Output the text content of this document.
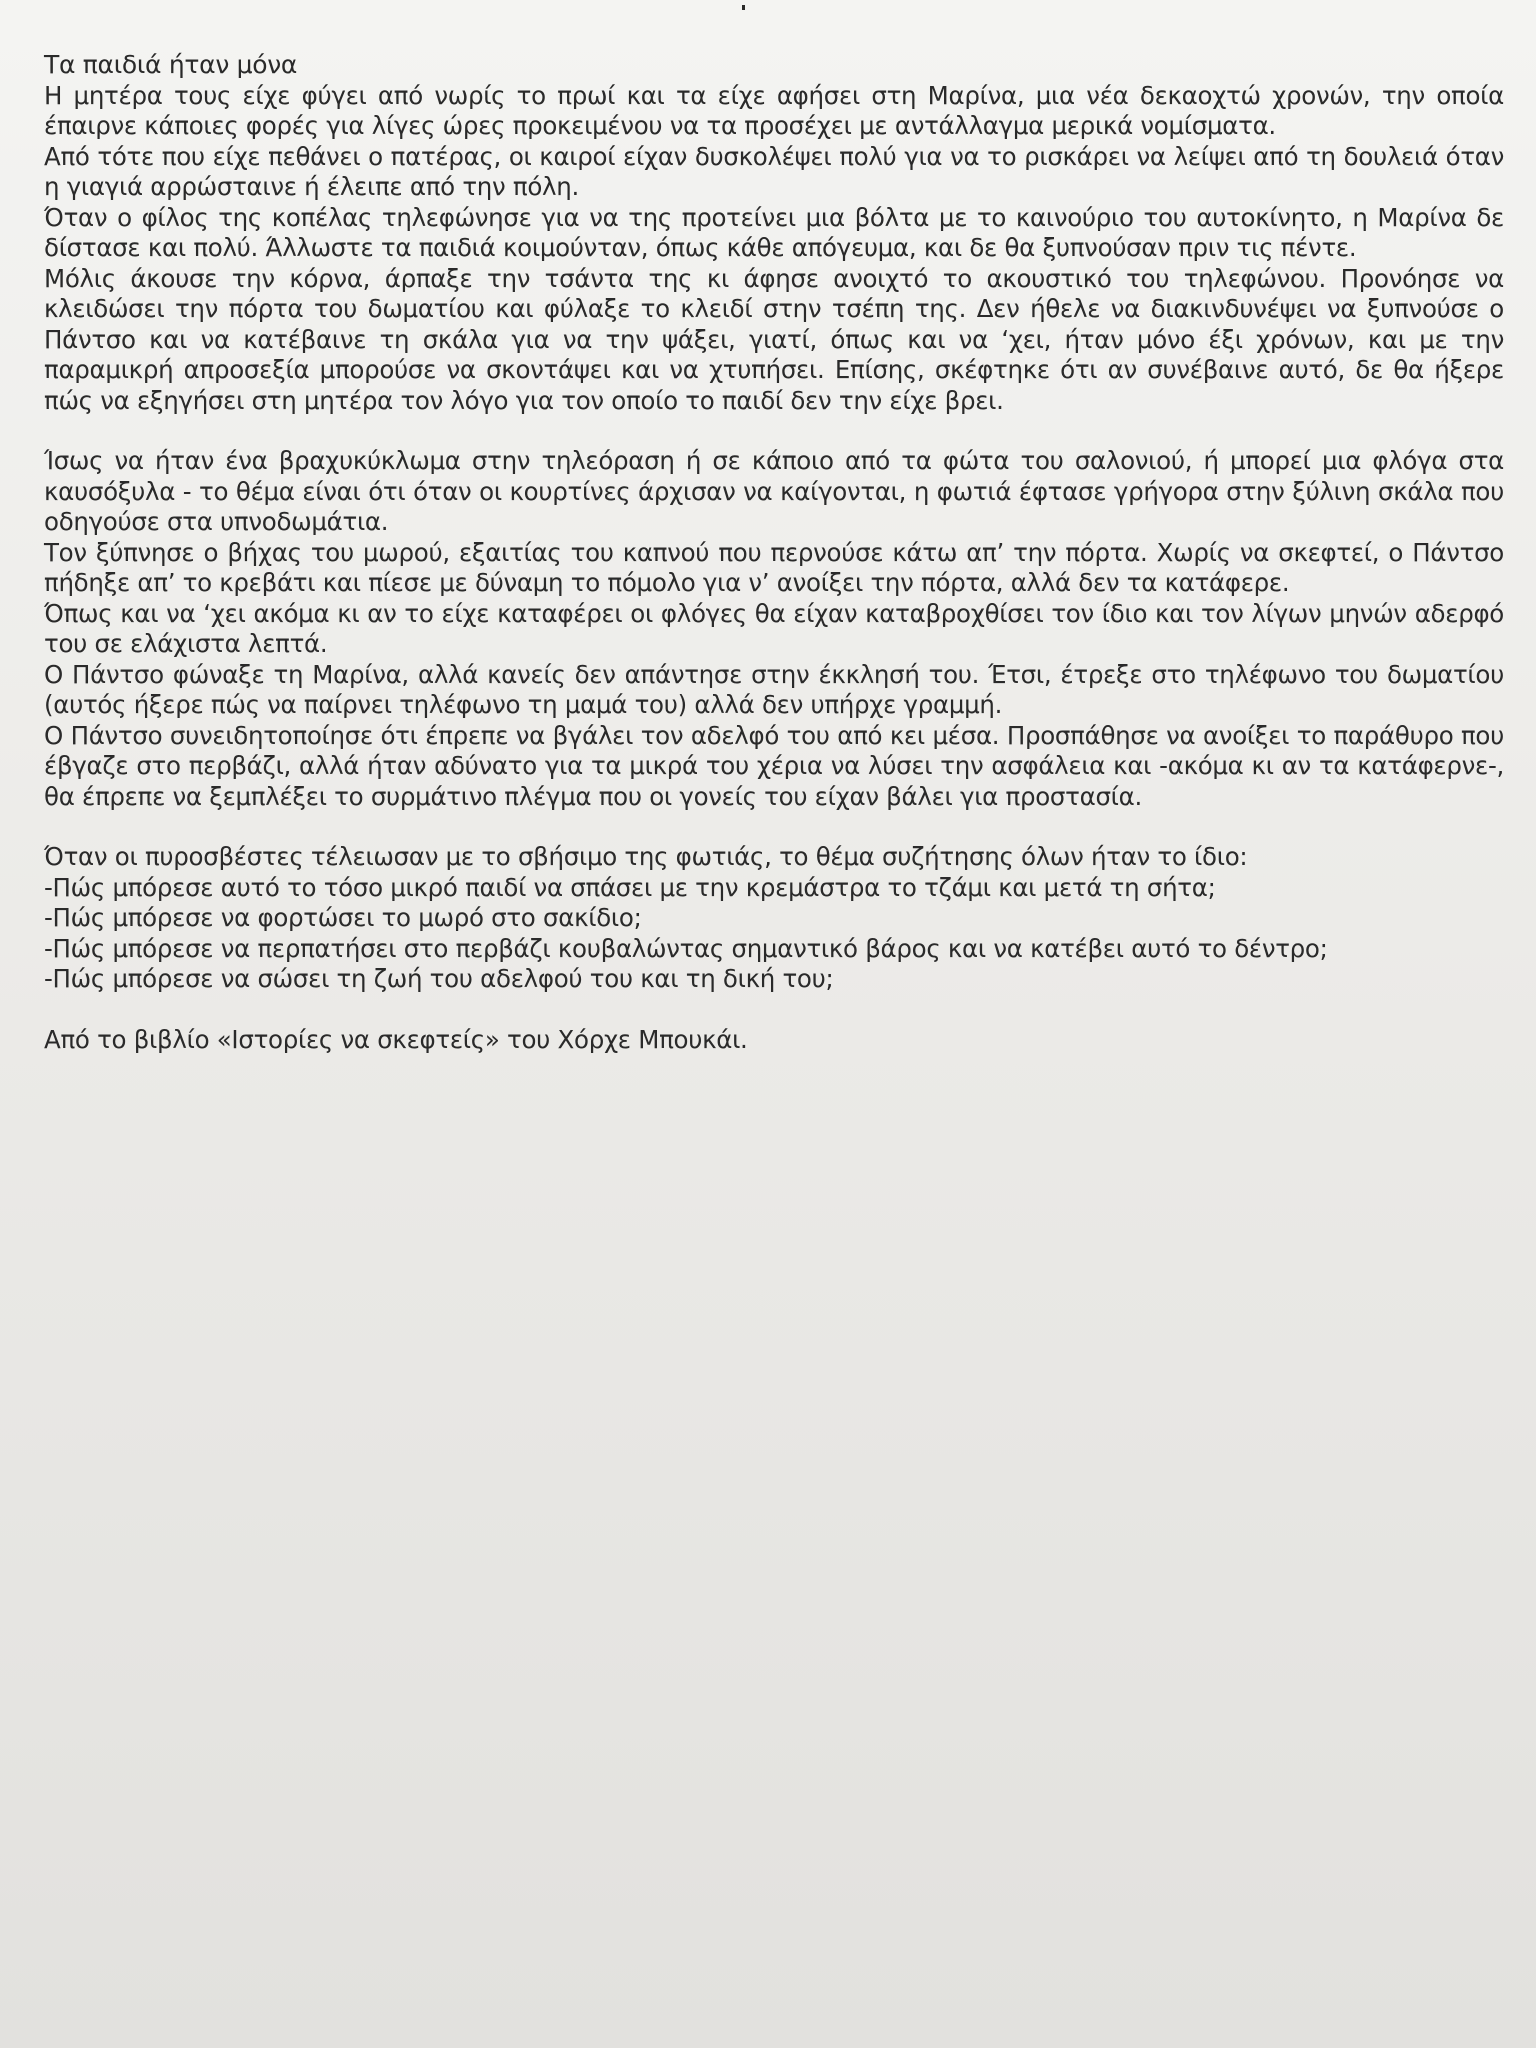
Τα παιδιά ήταν μόνα

Η μητέρα τους είχε φύγει από νωρίς το πρωί και τα είχε αφήσει στη Μαρίνα, μια νέα δεκαοχτώ χρονών, την οποία έπαιρνε κάποιες φορές για λίγες ώρες προκειμένου να τα προσέχει με αντάλλαγμα μερικά νομίσματα.

Από τότε που είχε πεθάνει ο πατέρας, οι καιροί είχαν δυσκολέψει πολύ για να το ρισκάρει να λείψει από τη δουλειά όταν η γιαγιά αρρώσταινε ή έλειπε από την πόλη.

Όταν ο φίλος της κοπέλας τηλεφώνησε για να της προτείνει μια βόλτα με το καινούριο του αυτοκίνητο, η Μαρίνα δε δίστασε και πολύ. Άλλωστε τα παιδιά κοιμούνταν, όπως κάθε απόγευμα, και δε θα ξυπνούσαν πριν τις πέντε.

Μόλις άκουσε την κόρνα, άρπαξε την τσάντα της κι άφησε ανοιχτό το ακουστικό του τηλεφώνου. Προνόησε να κλειδώσει την πόρτα του δωματίου και φύλαξε το κλειδί στην τσέπη της. Δεν ήθελε να διακινδυνέψει να ξυπνούσε ο Πάντσο και να κατέβαινε τη σκάλα για να την ψάξει, γιατί, όπως και να ‘χει, ήταν μόνο έξι χρόνων, και με την παραμικρή απροσεξία μπορούσε να σκοντάψει και να χτυπήσει. Επίσης, σκέφτηκε ότι αν συνέβαινε αυτό, δε θα ήξερε πώς να εξηγήσει στη μητέρα τον λόγο για τον οποίο το παιδί δεν την είχε βρει.

Ίσως να ήταν ένα βραχυκύκλωμα στην τηλεόραση ή σε κάποιο από τα φώτα του σαλονιού, ή μπορεί μια φλόγα στα καυσόξυλα - το θέμα είναι ότι όταν οι κουρτίνες άρχισαν να καίγονται, η φωτιά έφτασε γρήγορα στην ξύλινη σκάλα που οδηγούσε στα υπνοδωμάτια.

Τον ξύπνησε ο βήχας του μωρού, εξαιτίας του καπνού που περνούσε κάτω απ’ την πόρτα. Χωρίς να σκεφτεί, ο Πάντσο πήδηξε απ’ το κρεβάτι και πίεσε με δύναμη το πόμολο για ν’ ανοίξει την πόρτα, αλλά δεν τα κατάφερε.

Όπως και να ‘χει ακόμα κι αν το είχε καταφέρει οι φλόγες θα είχαν καταβροχθίσει τον ίδιο και τον λίγων μηνών αδερφό του σε ελάχιστα λεπτά.

Ο Πάντσο φώναξε τη Μαρίνα, αλλά κανείς δεν απάντησε στην έκκλησή του. Έτσι, έτρεξε στο τηλέφωνο του δωματίου (αυτός ήξερε πώς να παίρνει τηλέφωνο τη μαμά του) αλλά δεν υπήρχε γραμμή.

Ο Πάντσο συνειδητοποίησε ότι έπρεπε να βγάλει τον αδελφό του από κει μέσα. Προσπάθησε να ανοίξει το παράθυρο που έβγαζε στο περβάζι, αλλά ήταν αδύνατο για τα μικρά του χέρια να λύσει την ασφάλεια και -ακόμα κι αν τα κατάφερνε-, θα έπρεπε να ξεμπλέξει το συρμάτινο πλέγμα που οι γονείς του είχαν βάλει για προστασία.

Όταν οι πυροσβέστες τέλειωσαν με το σβήσιμο της φωτιάς, το θέμα συζήτησης όλων ήταν το ίδιο:

-Πώς μπόρεσε αυτό το τόσο μικρό παιδί να σπάσει με την κρεμάστρα το τζάμι και μετά τη σήτα;

-Πώς μπόρεσε να φορτώσει το μωρό στο σακίδιο;

-Πώς μπόρεσε να περπατήσει στο περβάζι κουβαλώντας σημαντικό βάρος και να κατέβει αυτό το δέντρο;

-Πώς μπόρεσε να σώσει τη ζωή του αδελφού του και τη δική του;

Από το βιβλίο «Ιστορίες να σκεφτείς» του Χόρχε Μπουκάι.
